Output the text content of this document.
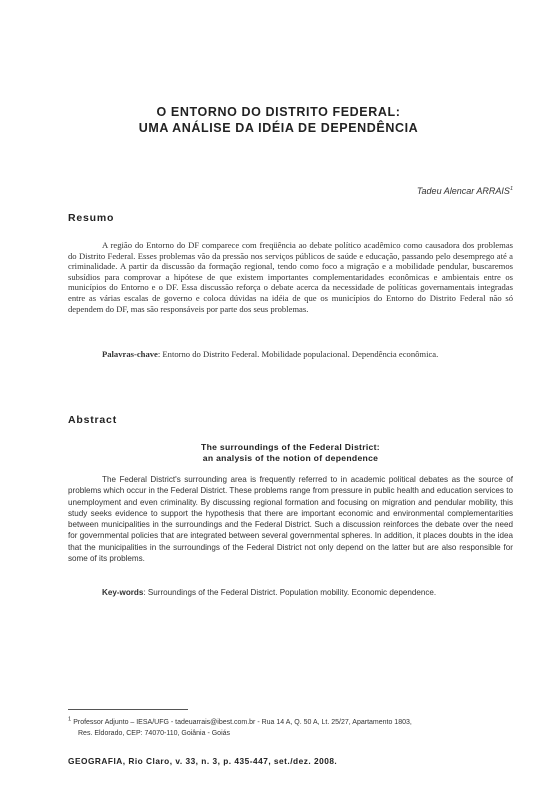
O ENTORNO DO DISTRITO FEDERAL:
UMA ANÁLISE DA IDÉIA DE DEPENDÊNCIA
Tadeu Alencar ARRAIS$^1$
Resumo

A região do Entorno do DF comparece com freqüência ao debate político acadêmico como causadora dos problemas do Distrito Federal. Esses problemas vão da pressão nos serviços públicos de saúde e educação, passando pelo desemprego até a criminalidade. A partir da discussão da formação regional, tendo como foco a migração e a mobilidade pendular, buscaremos subsídios para comprovar a hipótese de que existem importantes complementaridades econômicas e ambientais entre os municípios do Entorno e o DF. Essa discussão reforça o debate acerca da necessidade de políticas governamentais integradas entre as várias escalas de governo e coloca dúvidas na idéia de que os municípios do Entorno do Distrito Federal não só dependem do DF, mas são responsáveis por parte dos seus problemas.

Palavras-chave: Entorno do Distrito Federal. Mobilidade populacional. Dependência econômica.

Abstract
The surroundings of the Federal District:
an analysis of the notion of dependence

The Federal District's surrounding area is frequently referred to in academic political debates as the source of problems which occur in the Federal District. These problems range from pressure in public health and education services to unemployment and even criminality. By discussing regional formation and focusing on migration and pendular mobility, this study seeks evidence to support the hypothesis that there are important economic and environmental complementarities between municipalities in the surroundings and the Federal District. Such a discussion reinforces the debate over the need for governmental policies that are integrated between several governmental spheres. In addition, it places doubts in the idea that the municipalities in the surroundings of the Federal District not only depend on the latter but are also responsible for some of its problems.

Key-words: Surroundings of the Federal District. Population mobility. Economic dependence.

$^1$ Professor Adjunto – IESA/UFG - tadeuarrais@ibest.com.br - Rua 14 A, Q. 50 A, Lt. 25/27, Apartamento 1803,
Res. Eldorado, CEP: 74070-110, Goiânia - Goiás
GEOGRAFIA, Rio Claro, v. 33, n. 3, p. 435-447, set./dez. 2008.
